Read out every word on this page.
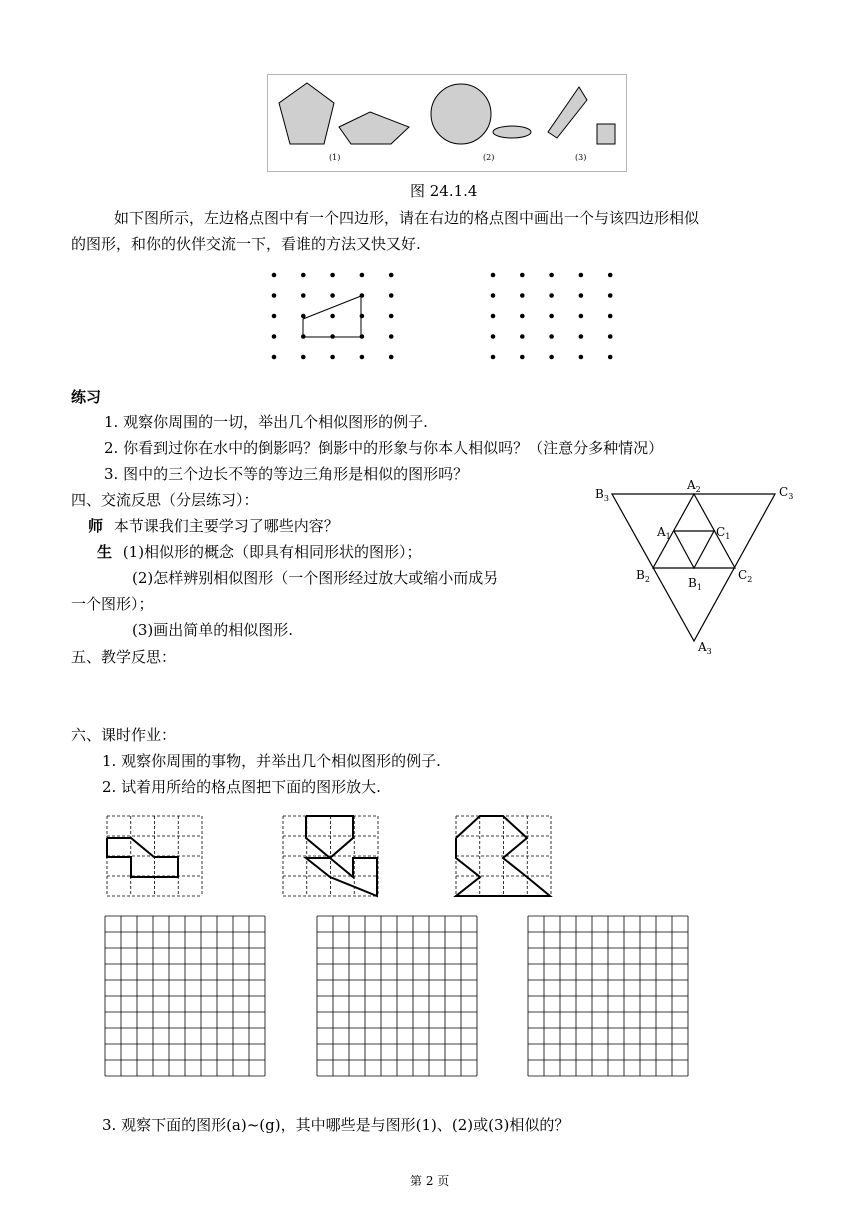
(1)	(2)	(3)
图 24.1.4
如下图所示，左边格点图中有一个四边形，请在右边的格点图中画出一个与该四边形相似
的图形，和你的伙伴交流一下，看谁的方法又快又好.
练习
1. 观察你周围的一切，举出几个相似图形的例子.
2. 你看到过你在水中的倒影吗？倒影中的形象与你本人相似吗？（注意分多种情况）
3. 图中的三个边长不等的等边三角形是相似的图形吗？
四、交流反思（分层练习）：
师 本节课我们主要学习了哪些内容？
生 (1)相似形的概念（即具有相同形状的图形）；
(2)怎样辨别相似图形（一个图形经过放大或缩小而成另
一个图形）；
(3)画出简单的相似图形.
$B_3$
$A_2$	$C_3$
$A_1$	$C_1$
$B_2$	$B_1$
$C_2$
$A_3$
五、教学反思：
六、课时作业：
1. 观察你周围的事物，并举出几个相似图形的例子.
2. 试着用所给的格点图把下面的图形放大.
3. 观察下面的图形(a)~(g)，其中哪些是与图形(1)、(2)或(3)相似的？
第 2 页
